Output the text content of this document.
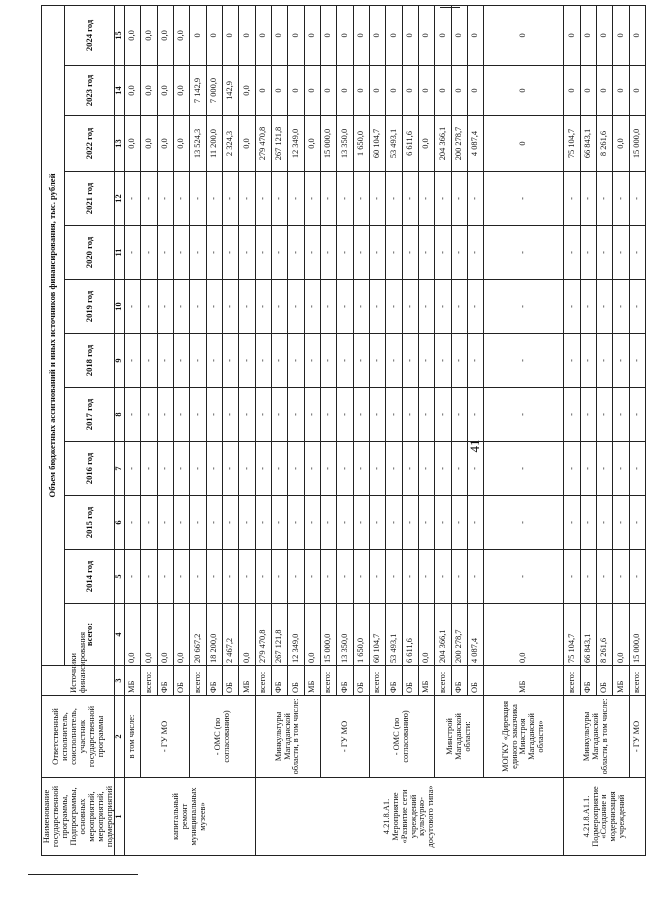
41
Наименование государственной программы, Подпрограммы, основных мероприятий, мероприятий, подмероприятий	Ответственный исполнитель, соисполнитель, участник государственной программы	Источники финансирования	Объем бюджетных ассигнований и иных источников финансирования, тыс. рублей											
			всего:	2014 год	2015 год	2016 год	2017 год	2018 год	2019 год	2020 год	2021 год	2022 год	2023 год	2024 год
1	2	3	4	5	6	7	8	9	10	11	12	13	14	15
капитальный ремонт муниципальных музеев»	в том числе:	МБ	0,0	-	-	-	-	-	-	-	-	0,0	0,0	0,0
	- ГУ МО	всего:	0,0	-	-	-	-	-	-	-	-	0,0	0,0	0,0
		ФБ	0,0	-	-	-	-	-	-	-	-	0,0	0,0	0,0
		ОБ	0,0	-	-	-	-	-	-	-	-	0,0	0,0	0,0
	- ОМС (по согласованию)	всего:	20 667,2	-	-	-	-	-	-	-	-	13 524,3	7 142,9	0
		ФБ	18 200,0	-	-	-	-	-	-	-	-	11 200,0	7 000,0	0
		ОБ	2 467,2	-	-	-	-	-	-	-	-	2 324,3	142,9	0
		МБ	0,0	-	-	-	-	-	-	-	-	0,0	0,0	0
4.21.8.А1. Мероприятие «Развитие сети учреждений культурно-досугового типа»	Минкультуры Магаданской области, в том числе:	всего:	279 470,8	-	-	-	-	-	-	-	-	279 470,8	0	0
		ФБ	267 121,8	-	-	-	-	-	-	-	-	267 121,8	0	0
		ОБ	12 349,0	-	-	-	-	-	-	-	-	12 349,0	0	0
		МБ	0,0	-	-	-	-	-	-	-	-	0,0	0	0
	- ГУ МО	всего:	15 000,0	-	-	-	-	-	-	-	-	15 000,0	0	0
		ФБ	13 350,0	-	-	-	-	-	-	-	-	13 350,0	0	0
		ОБ	1 650,0	-	-	-	-	-	-	-	-	1 650,0	0	0
	- ОМС (по согласованию)	всего:	60 104,7	-	-	-	-	-	-	-	-	60 104,7	0	0
		ФБ	53 493,1	-	-	-	-	-	-	-	-	53 493,1	0	0
		ОБ	6 611,6	-	-	-	-	-	-	-	-	6 611,6	0	0
		МБ	0,0	-	-	-	-	-	-	-	-	0,0	0	0
	Минстрой Магаданской области:	всего:	204 366,1	-	-	-	-	-	-	-	-	204 366,1	0	0
		ФБ	200 278,7	-	-	-	-	-	-	-	-	200 278,7	0	0
		ОБ	4 087,4	-	-	-	-	-	-	-	-	4 087,4	0	0
	МОГКУ «Дирекция единого заказчика Минстроя Магаданской области»	МБ	0,0	-	-	-	-	-	-	-	-	0	0	0
4.21.8.А1.1. Подмероприятие «Создание и модернизация учреждений	Минкультуры Магаданской области, в том числе:	всего:	75 104,7	-	-	-	-	-	-	-	-	75 104,7	0	0
		ФБ	66 843,1	-	-	-	-	-	-	-	-	66 843,1	0	0
		ОБ	8 261,6	-	-	-	-	-	-	-	-	8 261,6	0	0
		МБ	0,0	-	-	-	-	-	-	-	-	0,0	0	0
	- ГУ МО	всего:	15 000,0	-	-	-	-	-	-	-	-	15 000,0	0	0
